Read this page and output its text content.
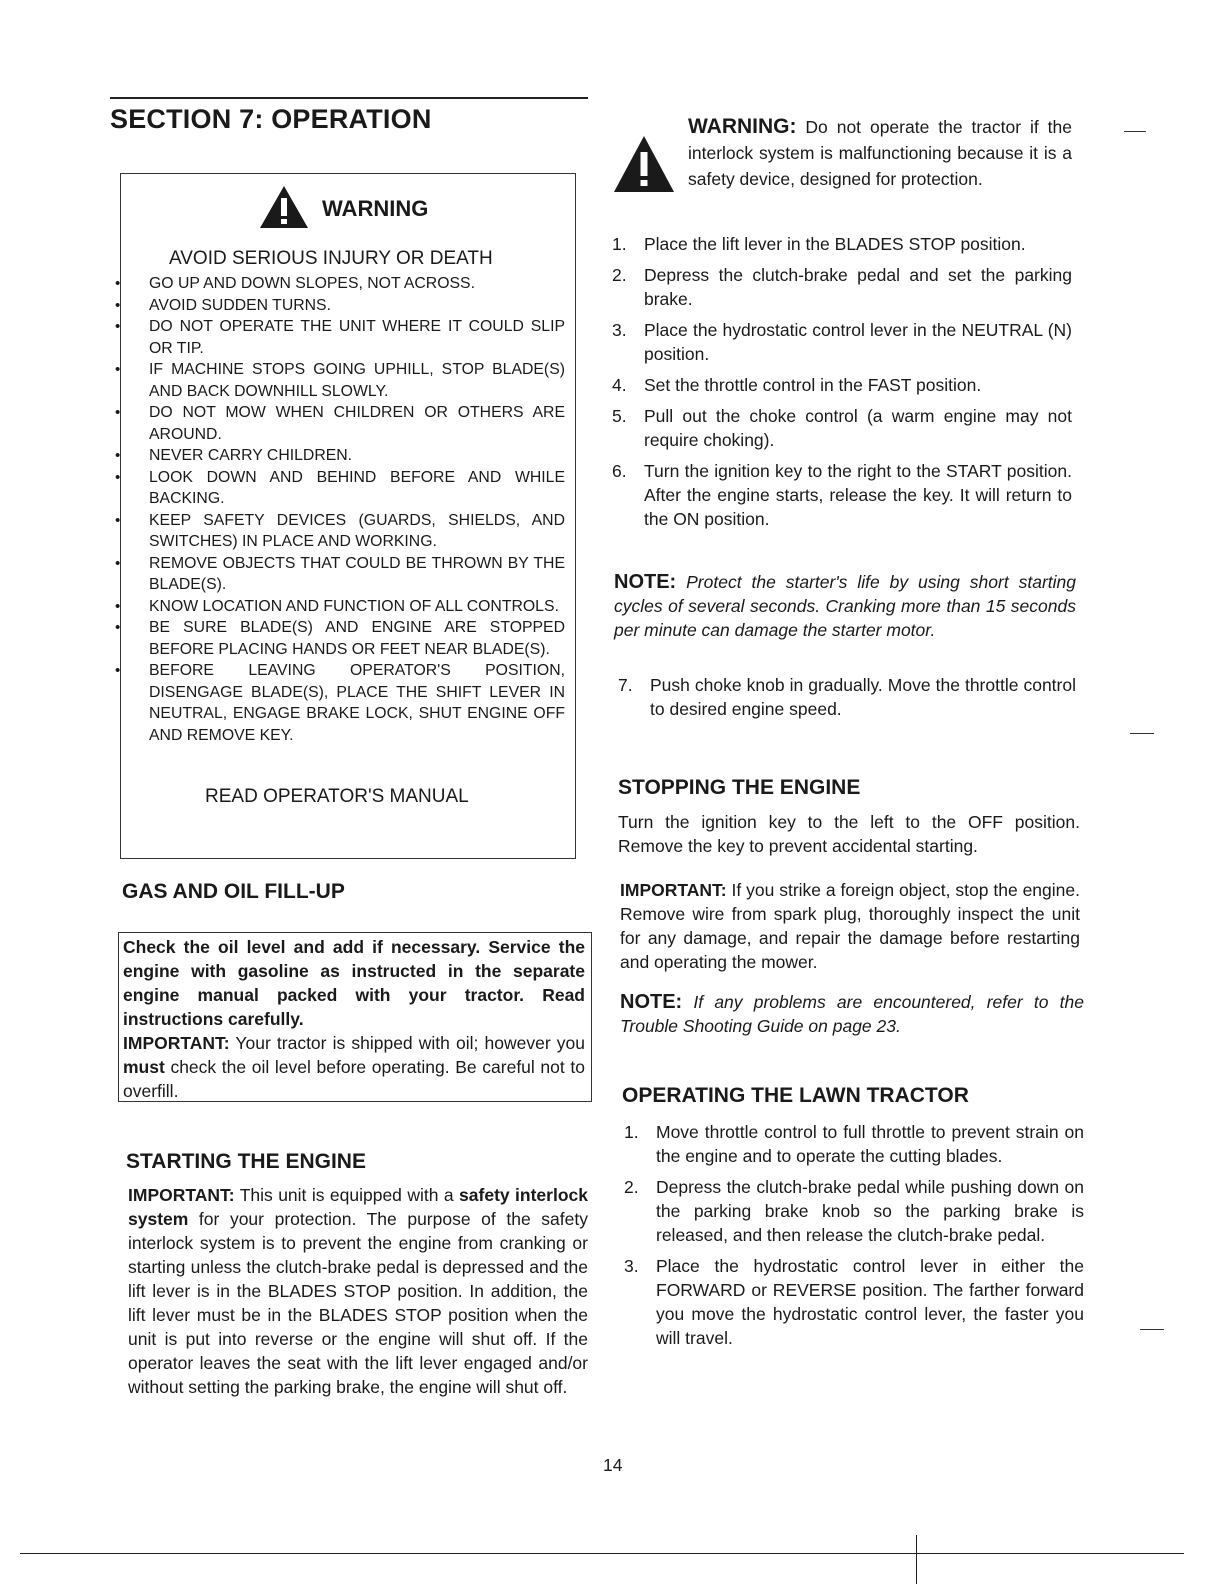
SECTION 7: OPERATION
WARNING
AVOID SERIOUS INJURY OR DEATH
• GO UP AND DOWN SLOPES, NOT ACROSS.
• AVOID SUDDEN TURNS.
• DO NOT OPERATE THE UNIT WHERE IT COULD SLIP OR TIP.
• IF MACHINE STOPS GOING UPHILL, STOP BLADE(S) AND BACK DOWNHILL SLOWLY.
• DO NOT MOW WHEN CHILDREN OR OTHERS ARE AROUND.
• NEVER CARRY CHILDREN.
• LOOK DOWN AND BEHIND BEFORE AND WHILE BACKING.
• KEEP SAFETY DEVICES (GUARDS, SHIELDS, AND SWITCHES) IN PLACE AND WORKING.
• REMOVE OBJECTS THAT COULD BE THROWN BY THE BLADE(S).
• KNOW LOCATION AND FUNCTION OF ALL CONTROLS.
• BE SURE BLADE(S) AND ENGINE ARE STOPPED BEFORE PLACING HANDS OR FEET NEAR BLADE(S).
• BEFORE LEAVING OPERATOR'S POSITION, DISENGAGE BLADE(S), PLACE THE SHIFT LEVER IN NEUTRAL, ENGAGE BRAKE LOCK, SHUT ENGINE OFF AND REMOVE KEY.
READ OPERATOR'S MANUAL
GAS AND OIL FILL-UP

Check the oil level and add if necessary. Service the engine with gasoline as instructed in the separate engine manual packed with your tractor. Read instructions carefully.

IMPORTANT: Your tractor is shipped with oil; however you must check the oil level before operating. Be careful not to overfill.

STARTING THE ENGINE

IMPORTANT: This unit is equipped with a safety interlock system for your protection. The purpose of the safety interlock system is to prevent the engine from cranking or starting unless the clutch-brake pedal is depressed and the lift lever is in the BLADES STOP position. In addition, the lift lever must be in the BLADES STOP position when the unit is put into reverse or the engine will shut off. If the operator leaves the seat with the lift lever engaged and/or without setting the parking brake, the engine will shut off.

WARNING: Do not operate the tractor if the interlock system is malfunctioning because it is a safety device, designed for protection.

1. Place the lift lever in the BLADES STOP position.
2. Depress the clutch-brake pedal and set the parking brake.
3. Place the hydrostatic control lever in the NEUTRAL (N) position.
4. Set the throttle control in the FAST position.
5. Pull out the choke control (a warm engine may not require choking).
6. Turn the ignition key to the right to the START position. After the engine starts, release the key. It will return to the ON position.

NOTE: Protect the starter's life by using short starting cycles of several seconds. Cranking more than 15 seconds per minute can damage the starter motor.

7. Push choke knob in gradually. Move the throttle control to desired engine speed.
STOPPING THE ENGINE

Turn the ignition key to the left to the OFF position. Remove the key to prevent accidental starting.

IMPORTANT: If you strike a foreign object, stop the engine. Remove wire from spark plug, thoroughly inspect the unit for any damage, and repair the damage before restarting and operating the mower.

NOTE: If any problems are encountered, refer to the Trouble Shooting Guide on page 23.

OPERATING THE LAWN TRACTOR
1. Move throttle control to full throttle to prevent strain on the engine and to operate the cutting blades.
2. Depress the clutch-brake pedal while pushing down on the parking brake knob so the parking brake is released, and then release the clutch-brake pedal.
3. Place the hydrostatic control lever in either the FORWARD or REVERSE position. The farther forward you move the hydrostatic control lever, the faster you will travel.
14
